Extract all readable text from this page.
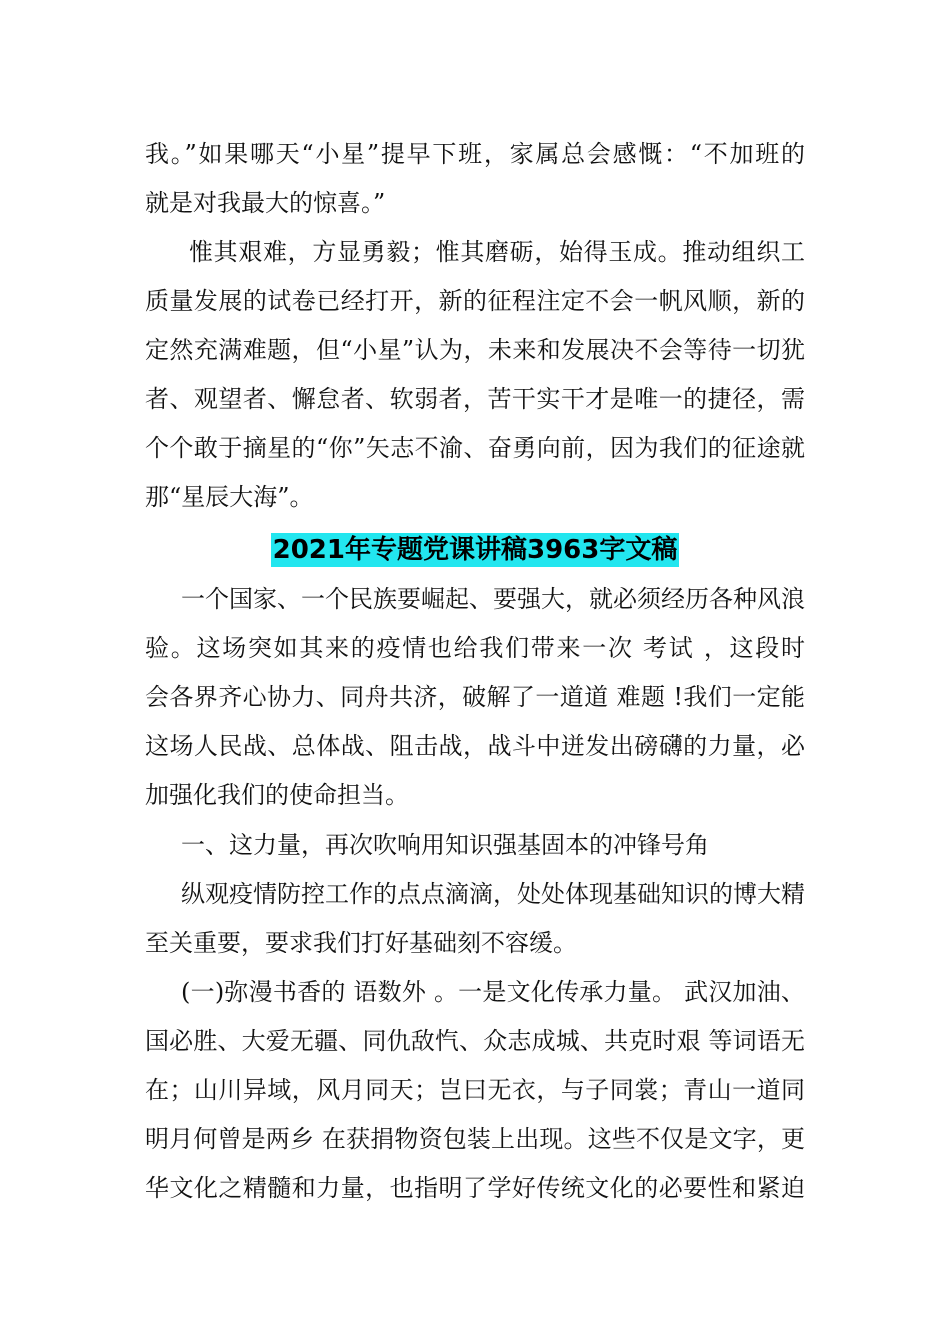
我。”如果哪天“小星”提早下班，家属总会感慨：“不加班的
就是对我最大的惊喜。”
惟其艰难，方显勇毅；惟其磨砺，始得玉成。推动组织工
质量发展的试卷已经打开，新的征程注定不会一帆风顺，新的
定然充满难题，但“小星”认为，未来和发展决不会等待一切犹
者、观望者、懈怠者、软弱者，苦干实干才是唯一的捷径，需
个个敢于摘星的“你”矢志不渝、奋勇向前，因为我们的征途就
那“星辰大海”。
2021年专题党课讲稿3963字文稿
一个国家、一个民族要崛起、要强大，就必须经历各种风浪
验。这场突如其来的疫情也给我们带来一次 考试 ，这段时
会各界齐心协力、同舟共济，破解了一道道 难题 !我们一定能
这场人民战、总体战、阻击战，战斗中迸发出磅礴的力量，必
加强化我们的使命担当。
一、这力量，再次吹响用知识强基固本的冲锋号角
纵观疫情防控工作的点点滴滴，处处体现基础知识的博大精
至关重要，要求我们打好基础刻不容缓。
(一)弥漫书香的 语数外 。一是文化传承力量。 武汉加油、
国必胜、大爱无疆、同仇敌忾、众志成城、共克时艰 等词语无
在；山川异域，风月同天；岂曰无衣，与子同裳；青山一道同
明月何曾是两乡 在获捐物资包装上出现。这些不仅是文字，更
华文化之精髓和力量，也指明了学好传统文化的必要性和紧迫
